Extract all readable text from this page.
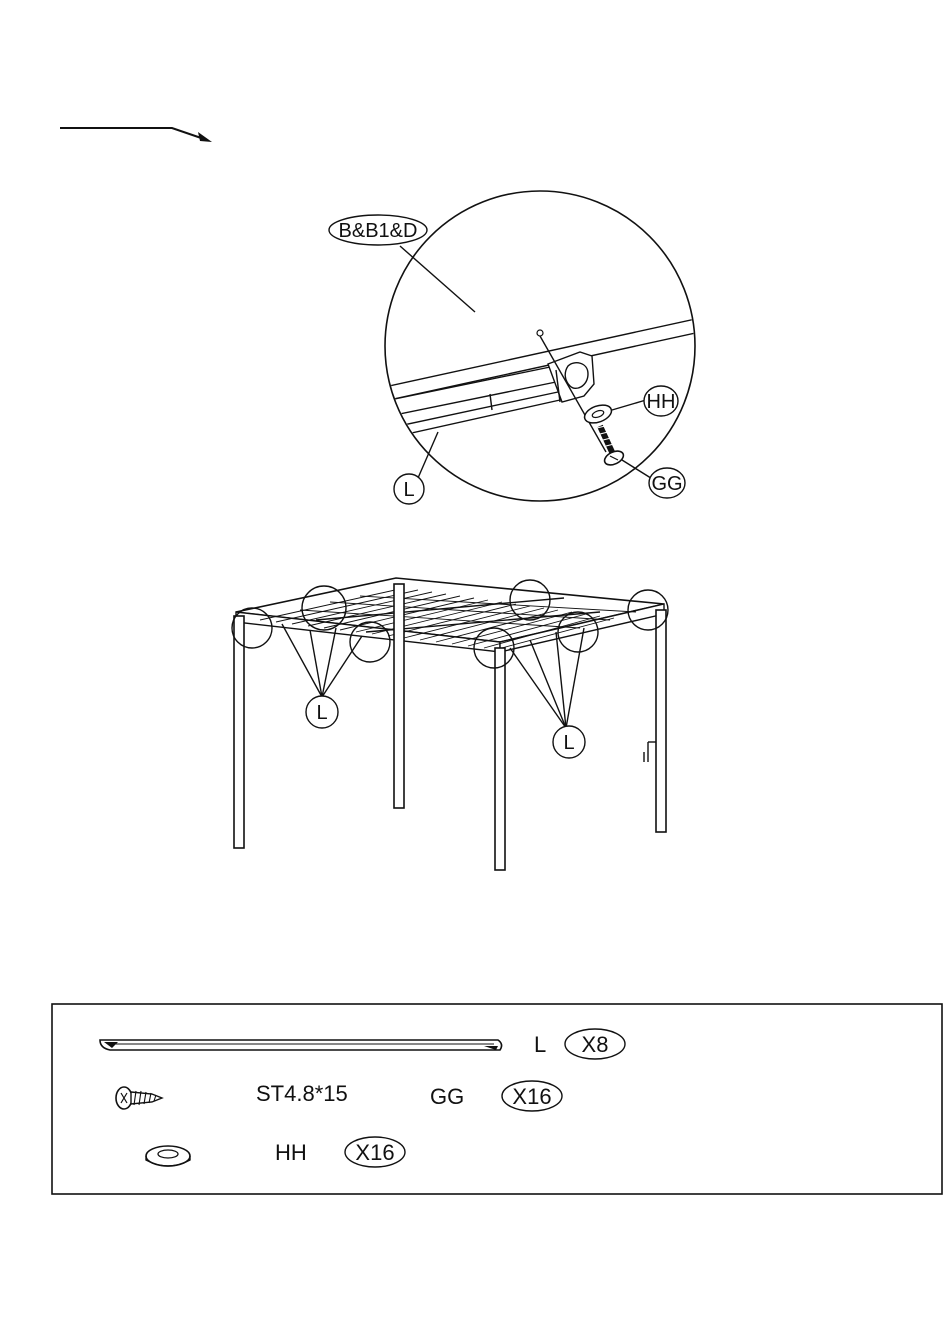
B&B1&D
HH
GG
L
L
L
L X8
ST4.8*15	GG X16
HH X16
